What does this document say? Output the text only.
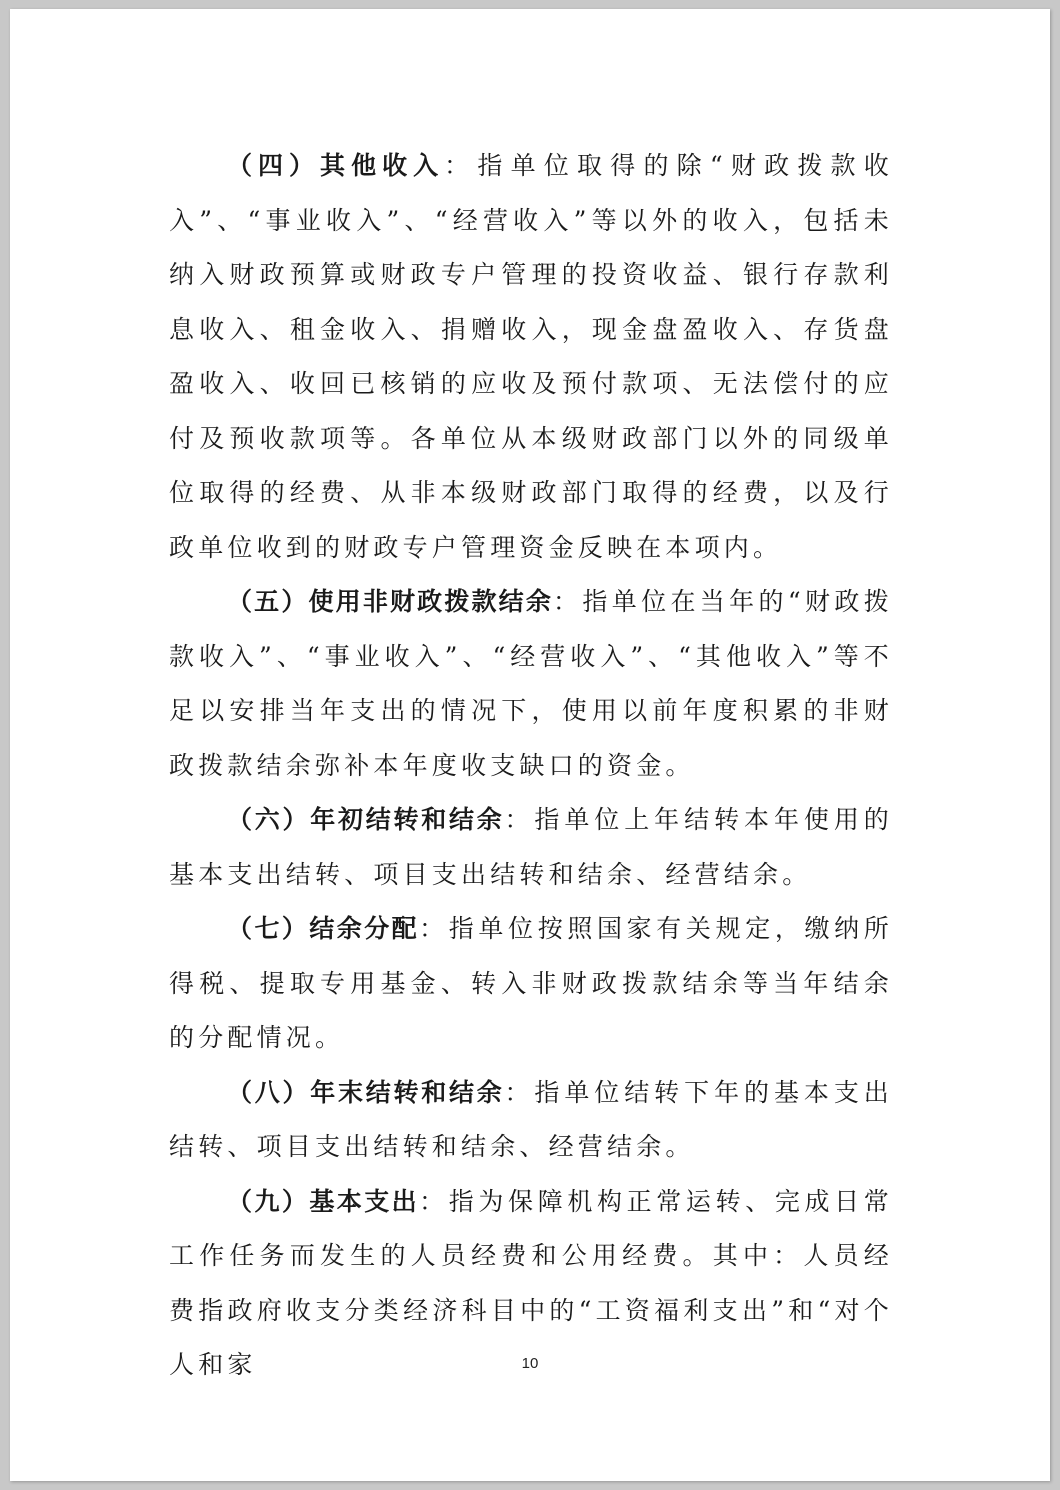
（四）其他收入：指单位取得的除“财政拨款收入”、“事业收入”、“经营收入”等以外的收入，包括未纳入财政预算或财政专户管理的投资收益、银行存款利息收入、租金收入、捐赠收入，现金盘盈收入、存货盘盈收入、收回已核销的应收及预付款项、无法偿付的应付及预收款项等。各单位从本级财政部门以外的同级单位取得的经费、从非本级财政部门取得的经费，以及行政单位收到的财政专户管理资金反映在本项内。

（五）使用非财政拨款结余：指单位在当年的“财政拨款收入”、“事业收入”、“经营收入”、“其他收入”等不足以安排当年支出的情况下，使用以前年度积累的非财政拨款结余弥补本年度收支缺口的资金。

（六）年初结转和结余：指单位上年结转本年使用的基本支出结转、项目支出结转和结余、经营结余。

（七）结余分配：指单位按照国家有关规定，缴纳所得税、提取专用基金、转入非财政拨款结余等当年结余的分配情况。

（八）年末结转和结余：指单位结转下年的基本支出结转、项目支出结转和结余、经营结余。

（九）基本支出：指为保障机构正常运转、完成日常工作任务而发生的人员经费和公用经费。其中：人员经费指政府收支分类经济科目中的“工资福利支出”和“对个人和家	10
